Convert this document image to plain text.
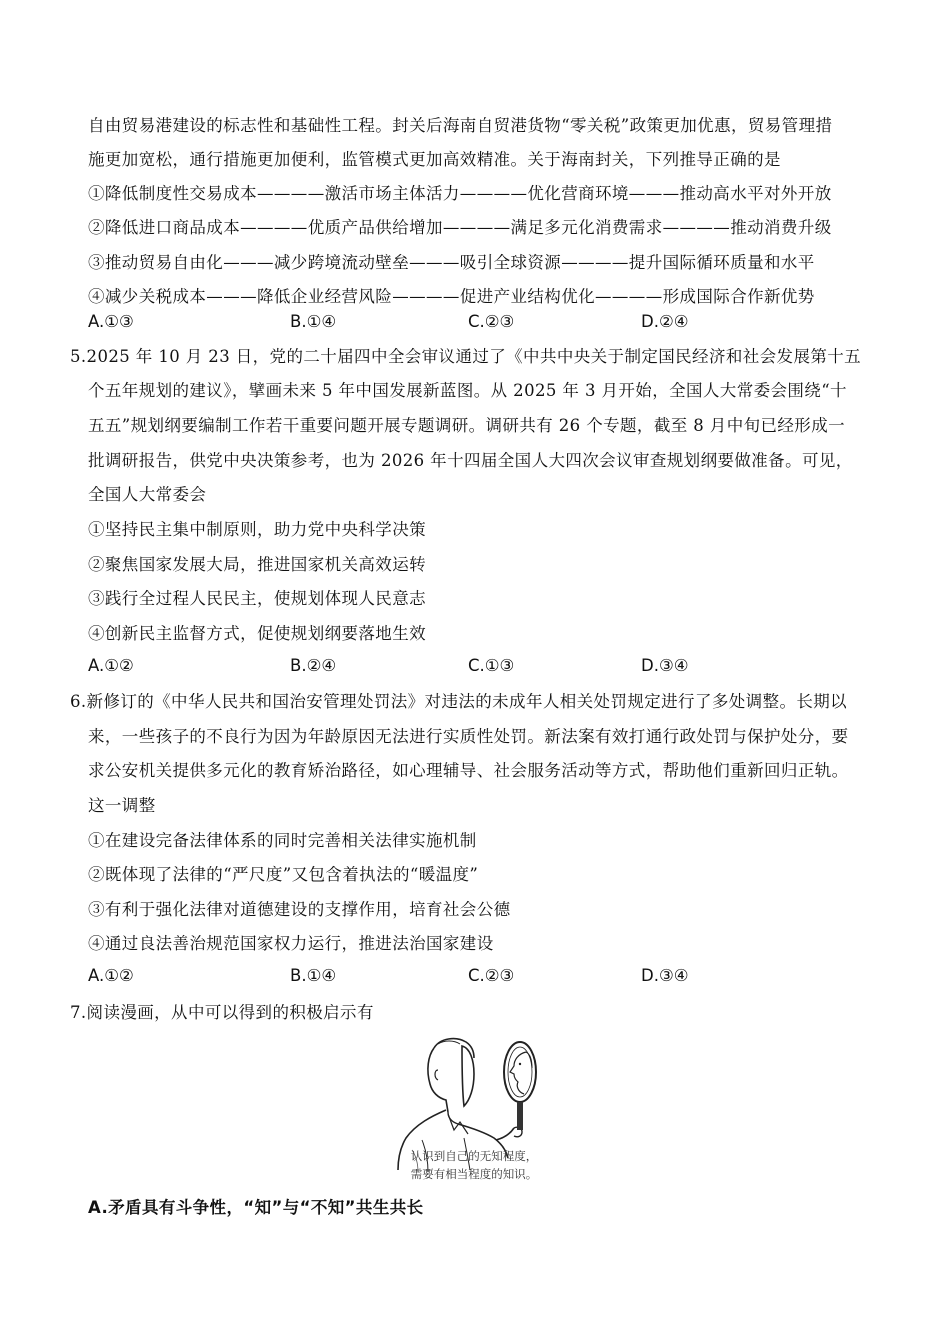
自由贸易港建设的标志性和基础性工程。封关后海南自贸港货物“零关税”政策更加优惠，贸易管理措
施更加宽松，通行措施更加便利，监管模式更加高效精准。关于海南封关，下列推导正确的是
①降低制度性交易成本————激活市场主体活力————优化营商环境———推动高水平对外开放
②降低进口商品成本————优质产品供给增加————满足多元化消费需求————推动消费升级
③推动贸易自由化———减少跨境流动壁垒———吸引全球资源————提升国际循环质量和水平
④减少关税成本———降低企业经营风险————促进产业结构优化————形成国际合作新优势
A.①③	B.①④	C.②③	D.②④
5.2025 年 10 月 23 日，党的二十届四中全会审议通过了《中共中央关于制定国民经济和社会发展第十五
个五年规划的建议》，擘画未来 5 年中国发展新蓝图。从 2025 年 3 月开始，全国人大常委会围绕“十
五五”规划纲要编制工作若干重要问题开展专题调研。调研共有 26 个专题，截至 8 月中旬已经形成一
批调研报告，供党中央决策参考，也为 2026 年十四届全国人大四次会议审查规划纲要做准备。可见，
全国人大常委会
①坚持民主集中制原则，助力党中央科学决策
②聚焦国家发展大局，推进国家机关高效运转
③践行全过程人民民主，使规划体现人民意志
④创新民主监督方式，促使规划纲要落地生效
A.①②	B.②④	C.①③	D.③④
6.新修订的《中华人民共和国治安管理处罚法》对违法的未成年人相关处罚规定进行了多处调整。长期以
来，一些孩子的不良行为因为年龄原因无法进行实质性处罚。新法案有效打通行政处罚与保护处分，要
求公安机关提供多元化的教育矫治路径，如心理辅导、社会服务活动等方式，帮助他们重新回归正轨。
这一调整
①在建设完备法律体系的同时完善相关法律实施机制
②既体现了法律的“严尺度”又包含着执法的“暖温度”
③有利于强化法律对道德建设的支撑作用，培育社会公德
④通过良法善治规范国家权力运行，推进法治国家建设
A.①②	B.①④	C.②③	D.③④
7.阅读漫画，从中可以得到的积极启示有
认识到自己的无知程度，
需要有相当程度的知识。
A.矛盾具有斗争性，“知”与“不知”共生共长
